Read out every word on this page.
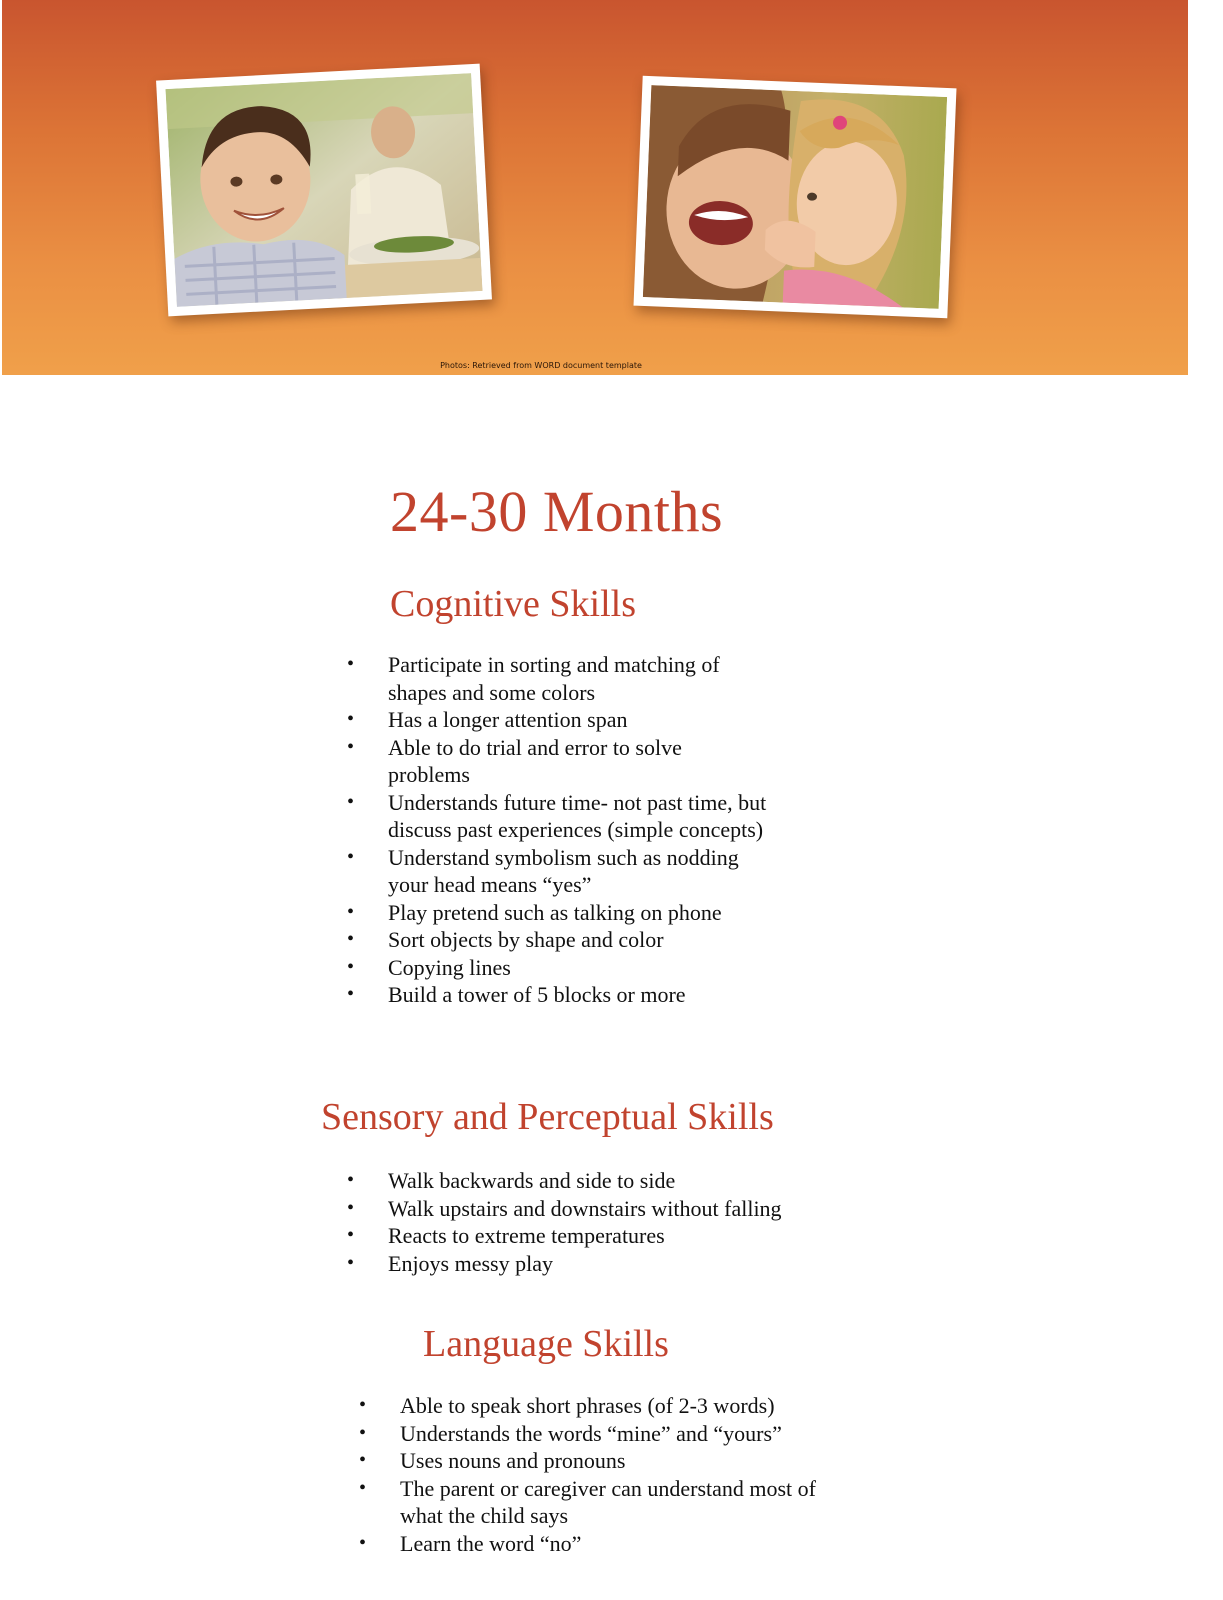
Photos: Retrieved from WORD document template
24-30 Months
Cognitive Skills
• Participate in sorting and matching of shapes and some colors
• Has a longer attention span
• Able to do trial and error to solve problems
• Understands future time- not past time, but discuss past experiences (simple concepts)
• Understand symbolism such as nodding your head means “yes”
• Play pretend such as talking on phone
• Sort objects by shape and color
• Copying lines
• Build a tower of 5 blocks or more
Sensory and Perceptual Skills
• Walk backwards and side to side
• Walk upstairs and downstairs without falling
• Reacts to extreme temperatures
• Enjoys messy play
Language Skills
• Able to speak short phrases (of 2-3 words)
• Understands the words “mine” and “yours”
• Uses nouns and pronouns
• The parent or caregiver can understand most of what the child says
• Learn the word “no”
